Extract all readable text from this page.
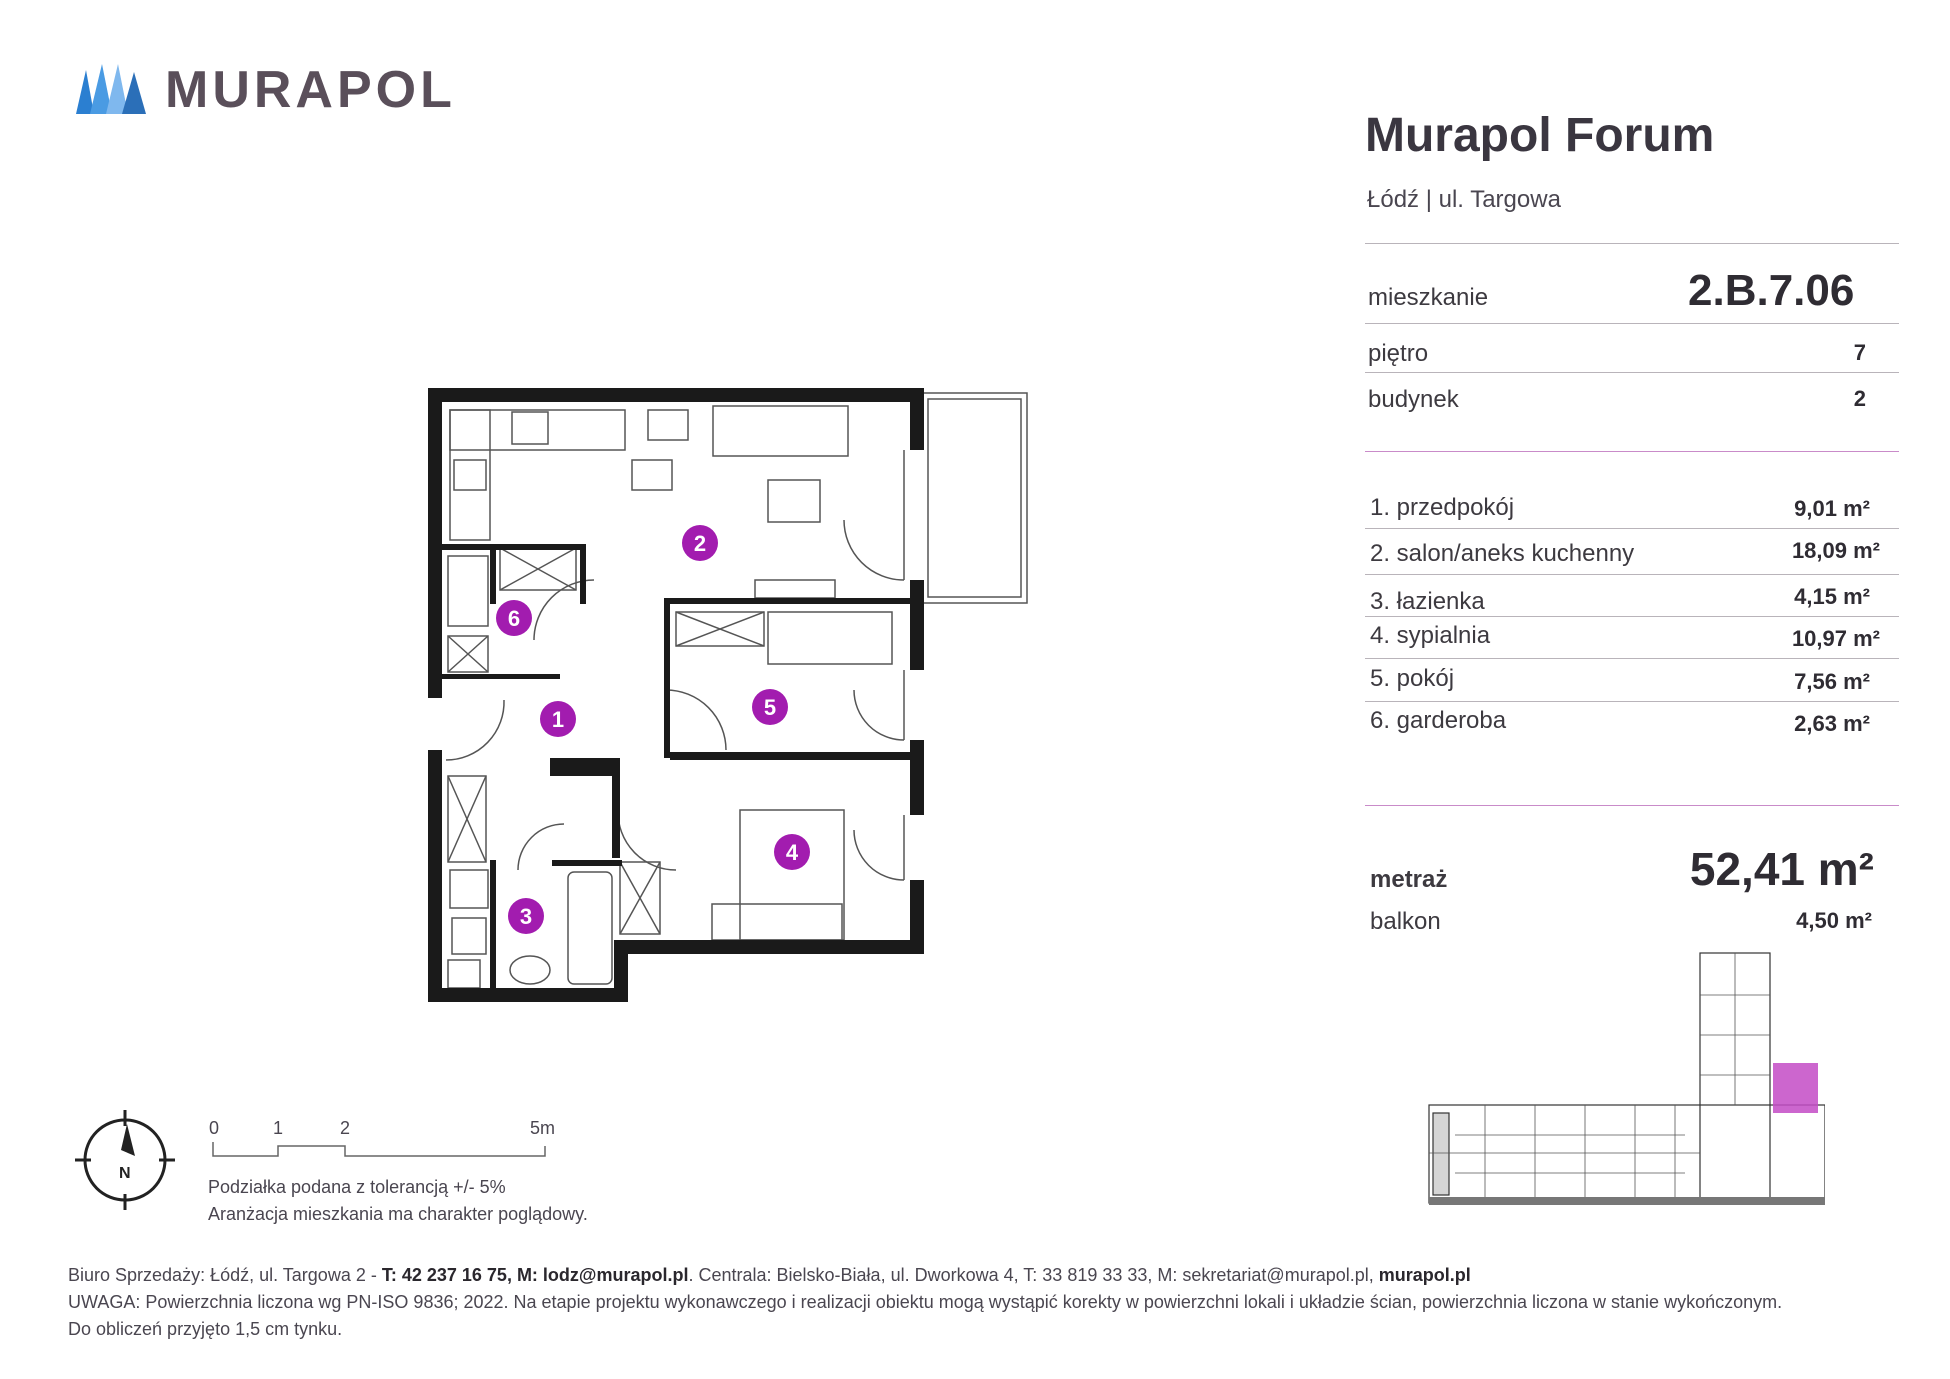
MURAPOL
Murapol Forum
Łódź | ul. Targowa
mieszkanie	2.B.7.06
piętro	7
budynek	2
1. przedpokój	9,01 m²
2. salon/aneks kuchenny	18,09 m²
3. łazienka	4,15 m²
4. sypialnia	10,97 m²
5. pokój	7,56 m²
6. garderoba	2,63 m²
metraż	52,41 m²
balkon	4,50 m²
1
2
3
4
5
6
N
0	1	2	5m
Podziałka podana z tolerancją +/- 5%
Aranżacja mieszkania ma charakter poglądowy.
Biuro Sprzedaży: Łódź, ul. Targowa 2 - T: 42 237 16 75, M: lodz@murapol.pl. Centrala: Bielsko-Biała, ul. Dworkowa 4, T: 33 819 33 33, M: sekretariat@murapol.pl, murapol.pl
UWAGA: Powierzchnia liczona wg PN-ISO 9836; 2022. Na etapie projektu wykonawczego i realizacji obiektu mogą wystąpić korekty w powierzchni lokali i układzie ścian, powierzchnia liczona w stanie wykończonym.
Do obliczeń przyjęto 1,5 cm tynku.
